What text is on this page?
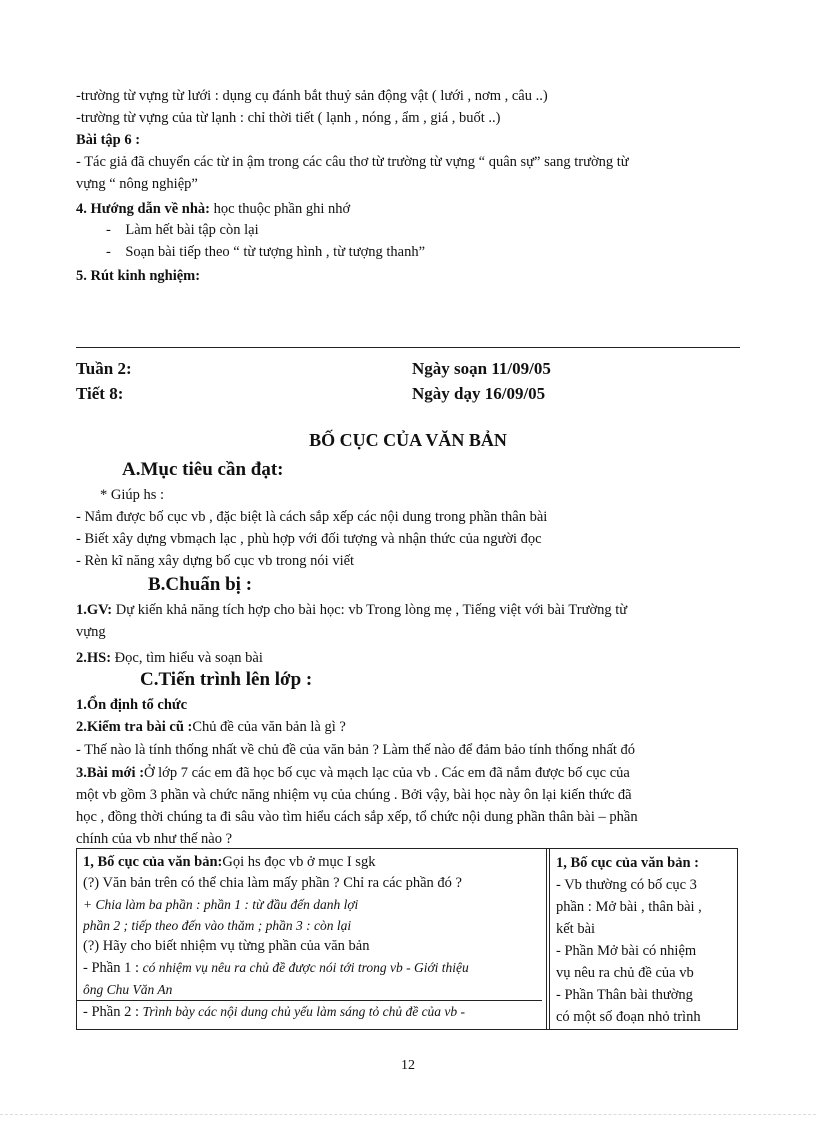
-trường từ vựng từ lưới : dụng cụ đánh bắt thuỷ sản động vật ( lưới , nơm , câu ..)
-trường từ vựng của từ lạnh : chỉ thời tiết ( lạnh , nóng , ẩm , giá , buốt ..)
Bài tập 6 :
- Tác giả đã chuyển các từ in ậm trong các câu thơ từ trường từ vựng “ quân sự” sang trường từ
vựng “ nông nghiệp”
4. Hướng dẫn về nhà: học thuộc phần ghi nhớ
-    Làm hết bài tập còn lại
-    Soạn bài tiếp theo “ từ tượng hình , từ tượng thanh”
5. Rút kinh nghiệm:
Tuần 2:
Tiết 8:
Ngày soạn 11/09/05
Ngày dạy 16/09/05
BỐ CỤC CỦA VĂN BẢN
A.Mục tiêu cần đạt:
* Giúp hs :
- Nắm được bố cục vb , đặc biệt là cách sắp xếp các nội dung trong phần thân bài
- Biết xây dựng vbmạch lạc , phù hợp với đối tượng và nhận thức của người đọc
- Rèn kĩ năng xây dựng bố cục vb trong nói viết
B.Chuẩn bị :
1.GV: Dự kiến khả năng tích hợp cho bài học: vb Trong lòng mẹ , Tiếng việt với bài Trường từ
vựng
2.HS: Đọc, tìm hiểu và soạn bài
C.Tiến trình lên lớp :
1.Ổn định tổ chức
2.Kiểm tra bài cũ :Chủ đề của văn bản là gì ?
- Thế nào là tính thống nhất về chủ đề của văn bản ? Làm thế nào để đảm bảo tính thống nhất đó
3.Bài mới :Ở lớp 7 các em đã học bố cục và mạch lạc của vb . Các em đã nắm được bố cục của
một vb gồm 3 phần và chức năng nhiệm vụ của chúng . Bởi vậy, bài học này ôn lại kiến thức đã
học , đồng thời chúng ta đi sâu vào tìm hiểu cách sắp xếp, tổ chức nội dung phần thân bài – phần
chính của vb như thế nào ?
1, Bố cục của văn bản:Gọi hs đọc vb ở mục I sgk
(?) Văn bản trên có thể chia làm mấy phần ? Chỉ ra các phần đó ?
+ Chia làm ba phần : phần 1 : từ đầu đến danh lợi
phần 2 ; tiếp theo đến vào thăm ; phần 3 : còn lại
(?) Hãy cho biết nhiệm vụ từng phần của văn bản
- Phần 1 : có nhiệm vụ nêu ra chủ đề được nói tới trong vb - Giới thiệu
ông Chu Văn An
- Phần 2 : Trình bày các nội dung chủ yếu làm sáng tỏ chủ đề của vb -
1, Bố cục của văn bản :
- Vb thường có bố cục 3
phần : Mở bài , thân bài ,
kết bài
- Phần Mở bài có nhiệm
vụ nêu ra chủ đề của vb
- Phần Thân bài thường
có một số đoạn nhỏ trình
12
